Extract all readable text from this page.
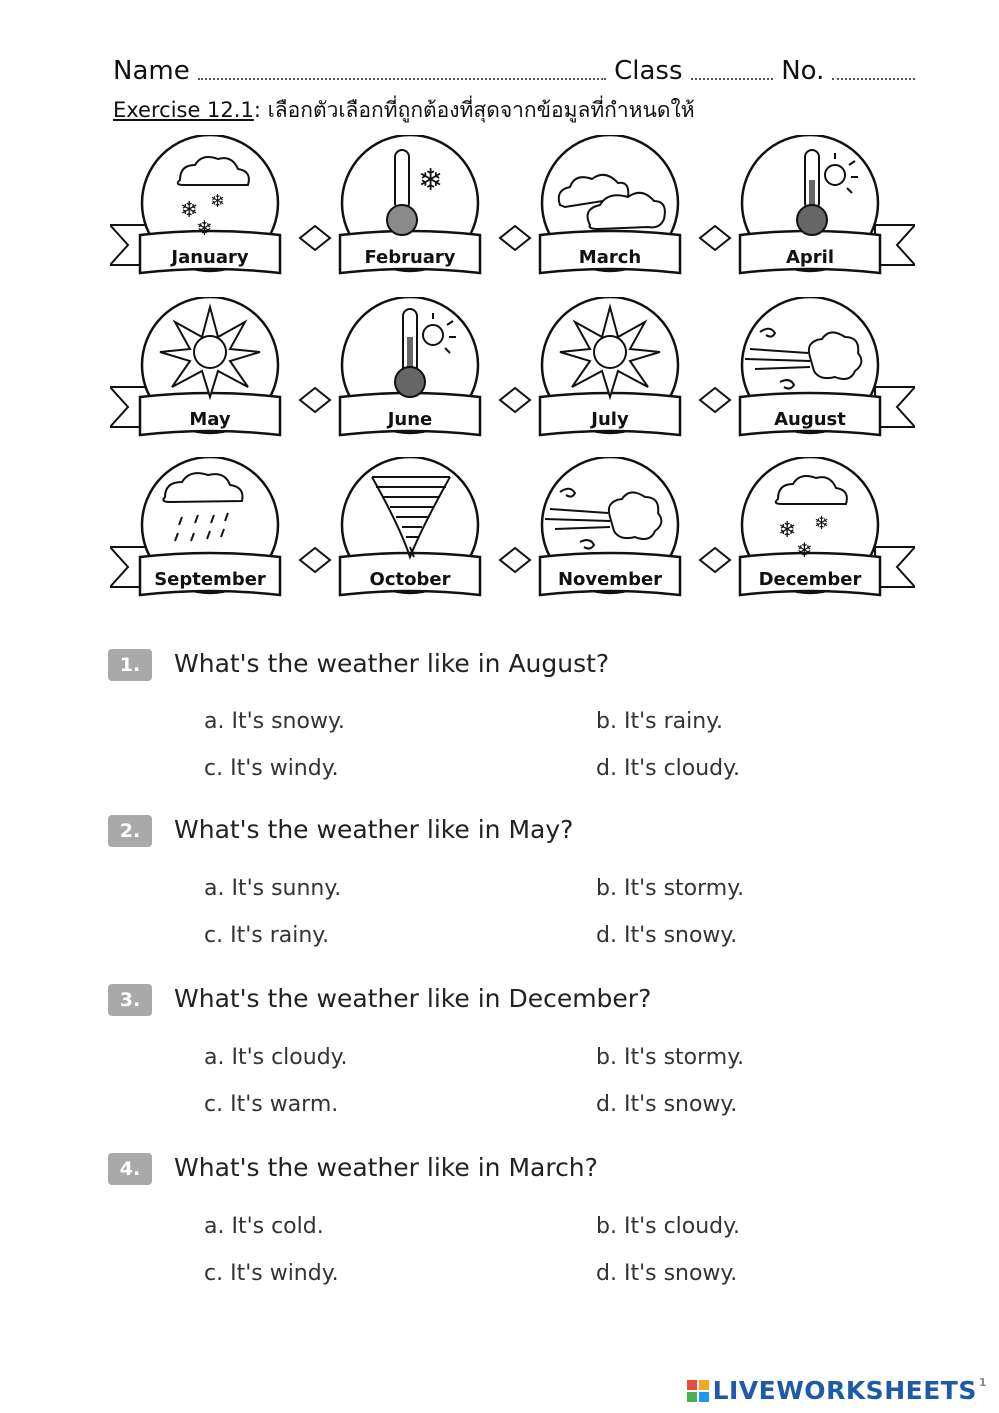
Name	Class	No.
Exercise 12.1: เลือกตัวเลือกที่ถูกต้องที่สุดจากข้อมูลที่กำหนดให้
❄ ❄
❄
January
❄
February	March	April
May	June	July	August
September	October	November
❄ ❄
❄
December
1.	What's the weather like in August?
a. It's snowy.	b. It's rainy.
c. It's windy.	d. It's cloudy.
2.	What's the weather like in May?
a. It's sunny.	b. It's stormy.
c. It's rainy.	d. It's snowy.
3.	What's the weather like in December?
a. It's cloudy.	b. It's stormy.
c. It's warm.	d. It's snowy.
4.	What's the weather like in March?
a. It's cold.	b. It's cloudy.
c. It's windy.	d. It's snowy.
LIVEWORKSHEETS 1
